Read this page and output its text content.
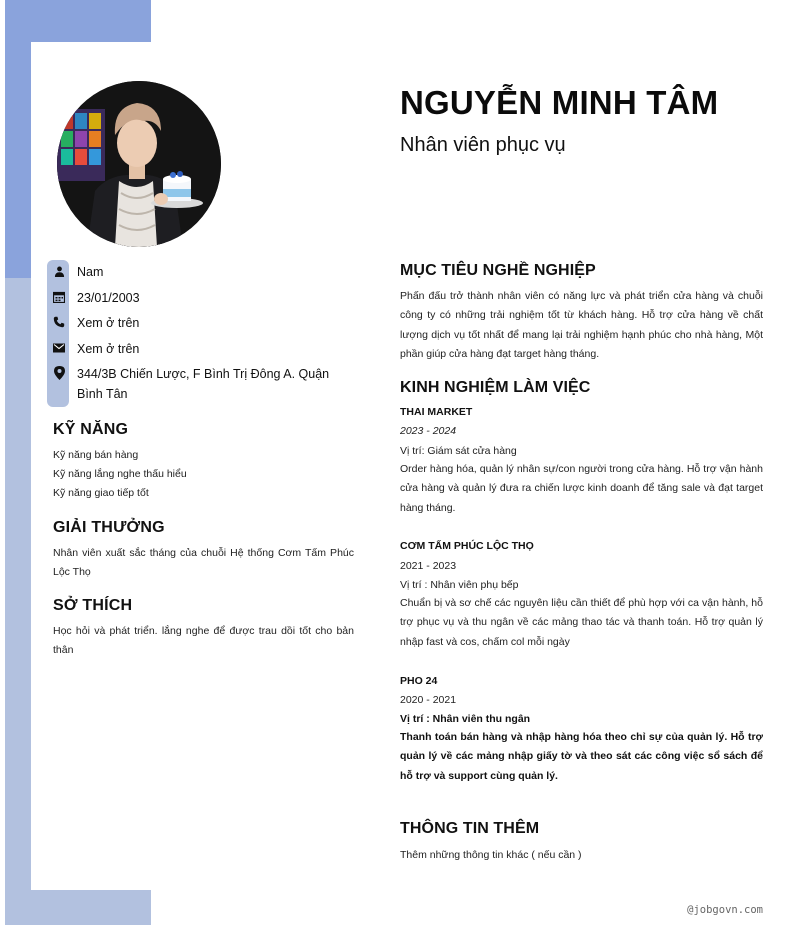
NGUYỄN MINH TÂM
Nhân viên phục vụ
Nam
23/01/2003
Xem ở trên
Xem ở trên
344/3B Chiến Lược, F Bình Trị Đông A. Quận Bình Tân
KỸ NĂNG
Kỹ năng bán hàng
Kỹ năng lắng nghe thấu hiểu
Kỹ năng giao tiếp tốt
GIẢI THƯỞNG
Nhân viên xuất sắc tháng của chuỗi Hệ thống Cơm Tấm Phúc Lộc Thọ
SỞ THÍCH
Học hỏi và phát triển. lắng nghe để được trau dồi tốt cho bản thân
MỤC TIÊU NGHỀ NGHIỆP
Phấn đấu trở thành nhân viên có năng lực và phát triển cửa hàng và chuỗi công ty có những trải nghiệm tốt từ khách hàng. Hỗ trợ cửa hàng về chất lượng dịch vụ tốt nhất để mang lại trải nghiệm hạnh phúc cho nhà hàng, Một phần giúp cửa hàng đạt target hàng tháng.
KINH NGHIỆM LÀM VIỆC
THAI MARKET
2023 - 2024
Vị trí: Giám sát cửa hàng
Order hàng hóa, quản lý nhân sự/con người trong cửa hàng. Hỗ trợ vận hành cửa hàng và quản lý đưa ra chiến lược kinh doanh để tăng sale và đạt target hàng tháng.
CƠM TẤM PHÚC LỘC THỌ
2021 - 2023
Vị trí : Nhân viên phụ bếp
Chuẩn bị và sơ chế các nguyên liệu cần thiết để phù hợp với ca vận hành, hỗ trợ phục vụ và thu ngân về các mảng thao tác và thanh toán. Hỗ trợ quản lý nhập fast và cos, chấm col mỗi ngày
PHO 24
2020 - 2021
Vị trí : Nhân viên thu ngân
Thanh toán bán hàng và nhập hàng hóa theo chỉ sự của quản lý. Hỗ trợ quản lý về các mảng nhập giấy tờ và theo sát các công việc sổ sách để hỗ trợ và support cùng quản lý.
THÔNG TIN THÊM
Thêm những thông tin khác ( nếu cần )
@jobgovn.com
